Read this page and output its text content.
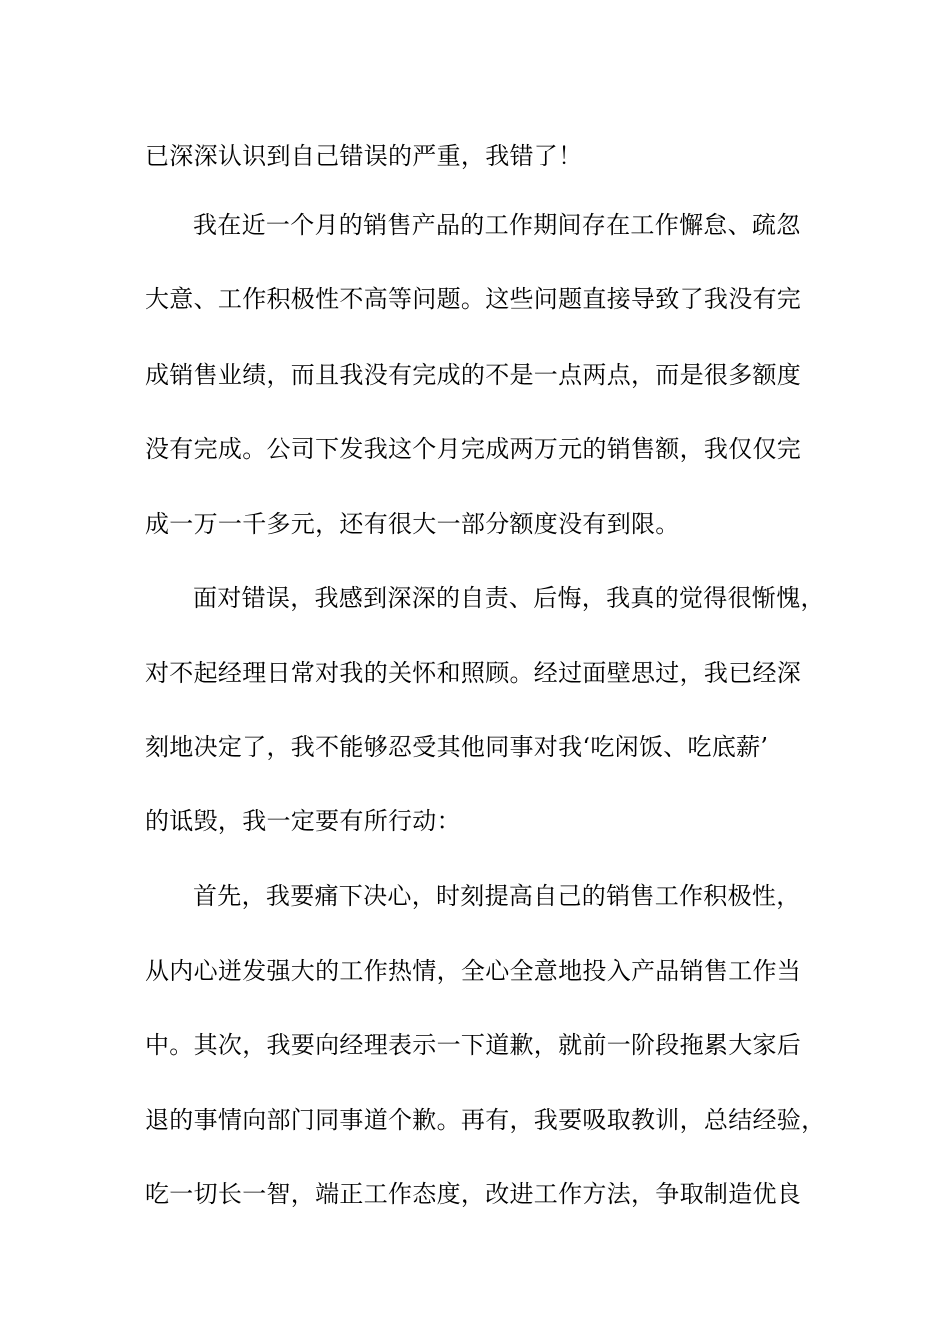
已深深认识到自己错误的严重，我错了！
我在近一个月的销售产品的工作期间存在工作懈怠、疏忽
大意、工作积极性不高等问题。这些问题直接导致了我没有完
成销售业绩，而且我没有完成的不是一点两点，而是很多额度
没有完成。公司下发我这个月完成两万元的销售额，我仅仅完
成一万一千多元，还有很大一部分额度没有到限。
面对错误，我感到深深的自责、后悔，我真的觉得很惭愧，
对不起经理日常对我的关怀和照顾。经过面壁思过，我已经深
刻地决定了，我不能够忍受其他同事对我‘吃闲饭、吃底薪’
的诋毁，我一定要有所行动：
首先，我要痛下决心，时刻提高自己的销售工作积极性，
从内心迸发强大的工作热情，全心全意地投入产品销售工作当
中。其次，我要向经理表示一下道歉，就前一阶段拖累大家后
退的事情向部门同事道个歉。再有，我要吸取教训，总结经验，
吃一切长一智，端正工作态度，改进工作方法，争取制造优良
